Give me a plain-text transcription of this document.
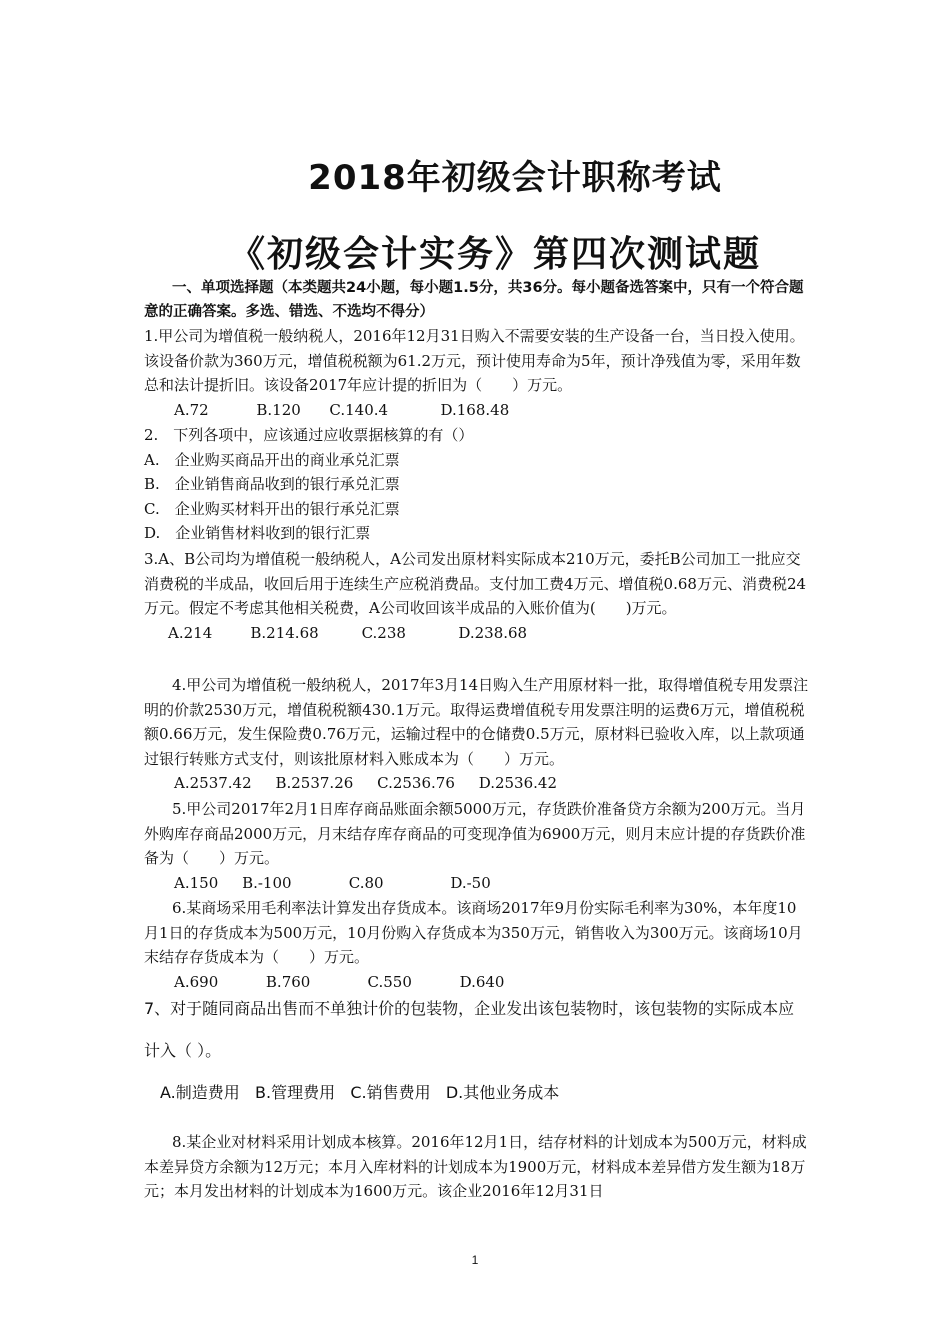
2018年初级会计职称考试
《初级会计实务》第四次测试题

一、单项选择题（本类题共24小题，每小题1.5分，共36分。每小题备选答案中，只有一个符合题意的正确答案。多选、错选、不选均不得分）

1.甲公司为增值税一般纳税人，2016年12月31日购入不需要安装的生产设备一台，当日投入使用。该设备价款为360万元，增值税税额为61.2万元，预计使用寿命为5年，预计净残值为零，采用年数总和法计提折旧。该设备2017年应计提的折旧为（　　）万元。

A.72          B.120      C.140.4           D.168.48

2.　下列各项中，应该通过应收票据核算的有（）

A.　企业购买商品开出的商业承兑汇票

B.　企业销售商品收到的银行承兑汇票

C.　企业购买材料开出的银行承兑汇票

D.　企业销售材料收到的银行汇票

3.A、B公司均为增值税一般纳税人，A公司发出原材料实际成本210万元，委托B公司加工一批应交消费税的半成品，收回后用于连续生产应税消费品。支付加工费4万元、增值税0.68万元、消费税24万元。假定不考虑其他相关税费，A公司收回该半成品的入账价值为(　　)万元。

A.214        B.214.68         C.238           D.238.68

4.甲公司为增值税一般纳税人，2017年3月14日购入生产用原材料一批，取得增值税专用发票注明的价款2530万元，增值税税额430.1万元。取得运费增值税专用发票注明的运费6万元，增值税税额0.66万元，发生保险费0.76万元，运输过程中的仓储费0.5万元，原材料已验收入库，以上款项通过银行转账方式支付，则该批原材料入账成本为（　　）万元。

A.2537.42     B.2537.26     C.2536.76     D.2536.42

5.甲公司2017年2月1日库存商品账面余额5000万元，存货跌价准备贷方余额为200万元。当月外购库存商品2000万元，月末结存库存商品的可变现净值为6900万元，则月末应计提的存货跌价准备为（　　）万元。

A.150     B.-100            C.80              D.-50

6.某商场采用毛利率法计算发出存货成本。该商场2017年9月份实际毛利率为30%，本年度10月1日的存货成本为500万元，10月份购入存货成本为350万元，销售收入为300万元。该商场10月末结存存货成本为（　　）万元。

A.690          B.760            C.550          D.640

7、对于随同商品出售而不单独计价的包装物，企业发出该包装物时，该包装物的实际成本应

计入（ ）。

A.制造费用   B.管理费用   C.销售费用   D.其他业务成本

8.某企业对材料采用计划成本核算。2016年12月1日，结存材料的计划成本为500万元，材料成本差异贷方余额为12万元；本月入库材料的计划成本为1900万元，材料成本差异借方发生额为18万元；本月发出材料的计划成本为1600万元。该企业2016年12月31日

1
